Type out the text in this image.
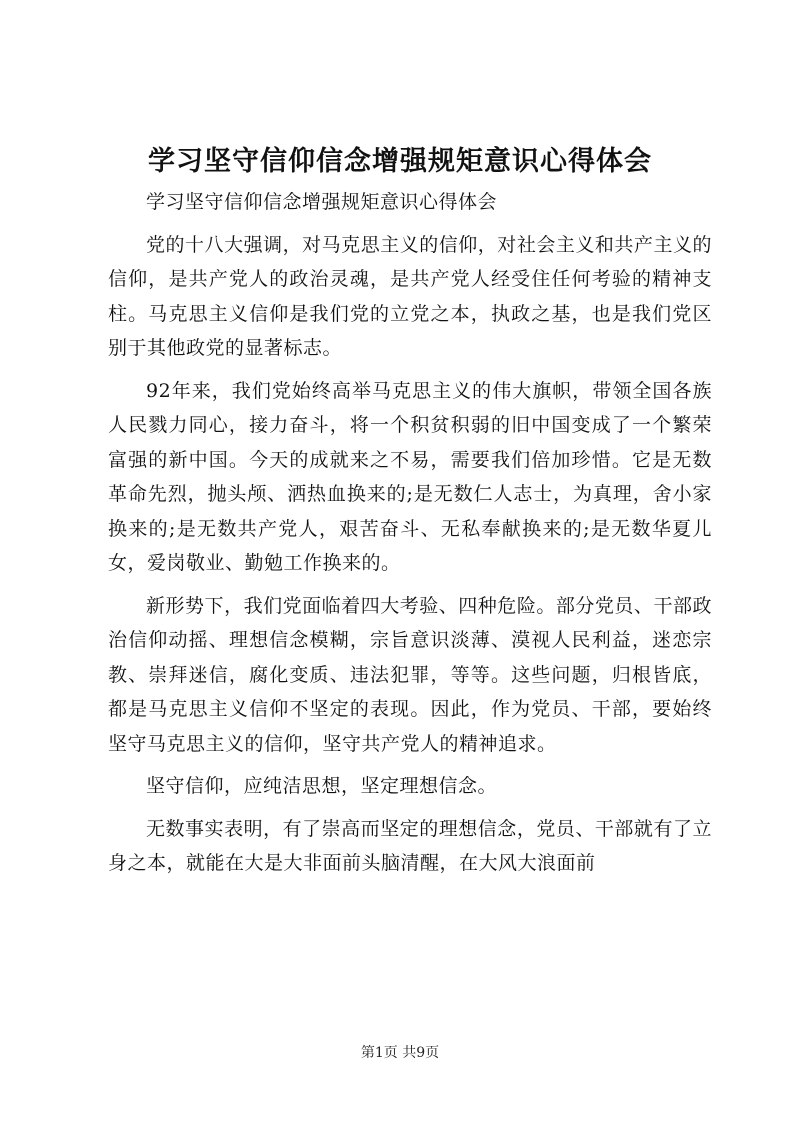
学习坚守信仰信念增强规矩意识心得体会

学习坚守信仰信念增强规矩意识心得体会

党的十八大强调，对马克思主义的信仰，对社会主义和共产主义的信仰，是共产党人的政治灵魂，是共产党人经受住任何考验的精神支柱。马克思主义信仰是我们党的立党之本，执政之基，也是我们党区别于其他政党的显著标志。

92年来，我们党始终高举马克思主义的伟大旗帜，带领全国各族人民戮力同心，接力奋斗，将一个积贫积弱的旧中国变成了一个繁荣富强的新中国。今天的成就来之不易，需要我们倍加珍惜。它是无数革命先烈，抛头颅、洒热血换来的;是无数仁人志士，为真理，舍小家换来的;是无数共产党人，艰苦奋斗、无私奉献换来的;是无数华夏儿女，爱岗敬业、勤勉工作换来的。

新形势下，我们党面临着四大考验、四种危险。部分党员、干部政治信仰动摇、理想信念模糊，宗旨意识淡薄、漠视人民利益，迷恋宗教、崇拜迷信，腐化变质、违法犯罪，等等。这些问题，归根皆底，都是马克思主义信仰不坚定的表现。因此，作为党员、干部，要始终坚守马克思主义的信仰，坚守共产党人的精神追求。

坚守信仰，应纯洁思想，坚定理想信念。

无数事实表明，有了崇高而坚定的理想信念，党员、干部就有了立身之本，就能在大是大非面前头脑清醒，在大风大浪面前

第1页 共9页
